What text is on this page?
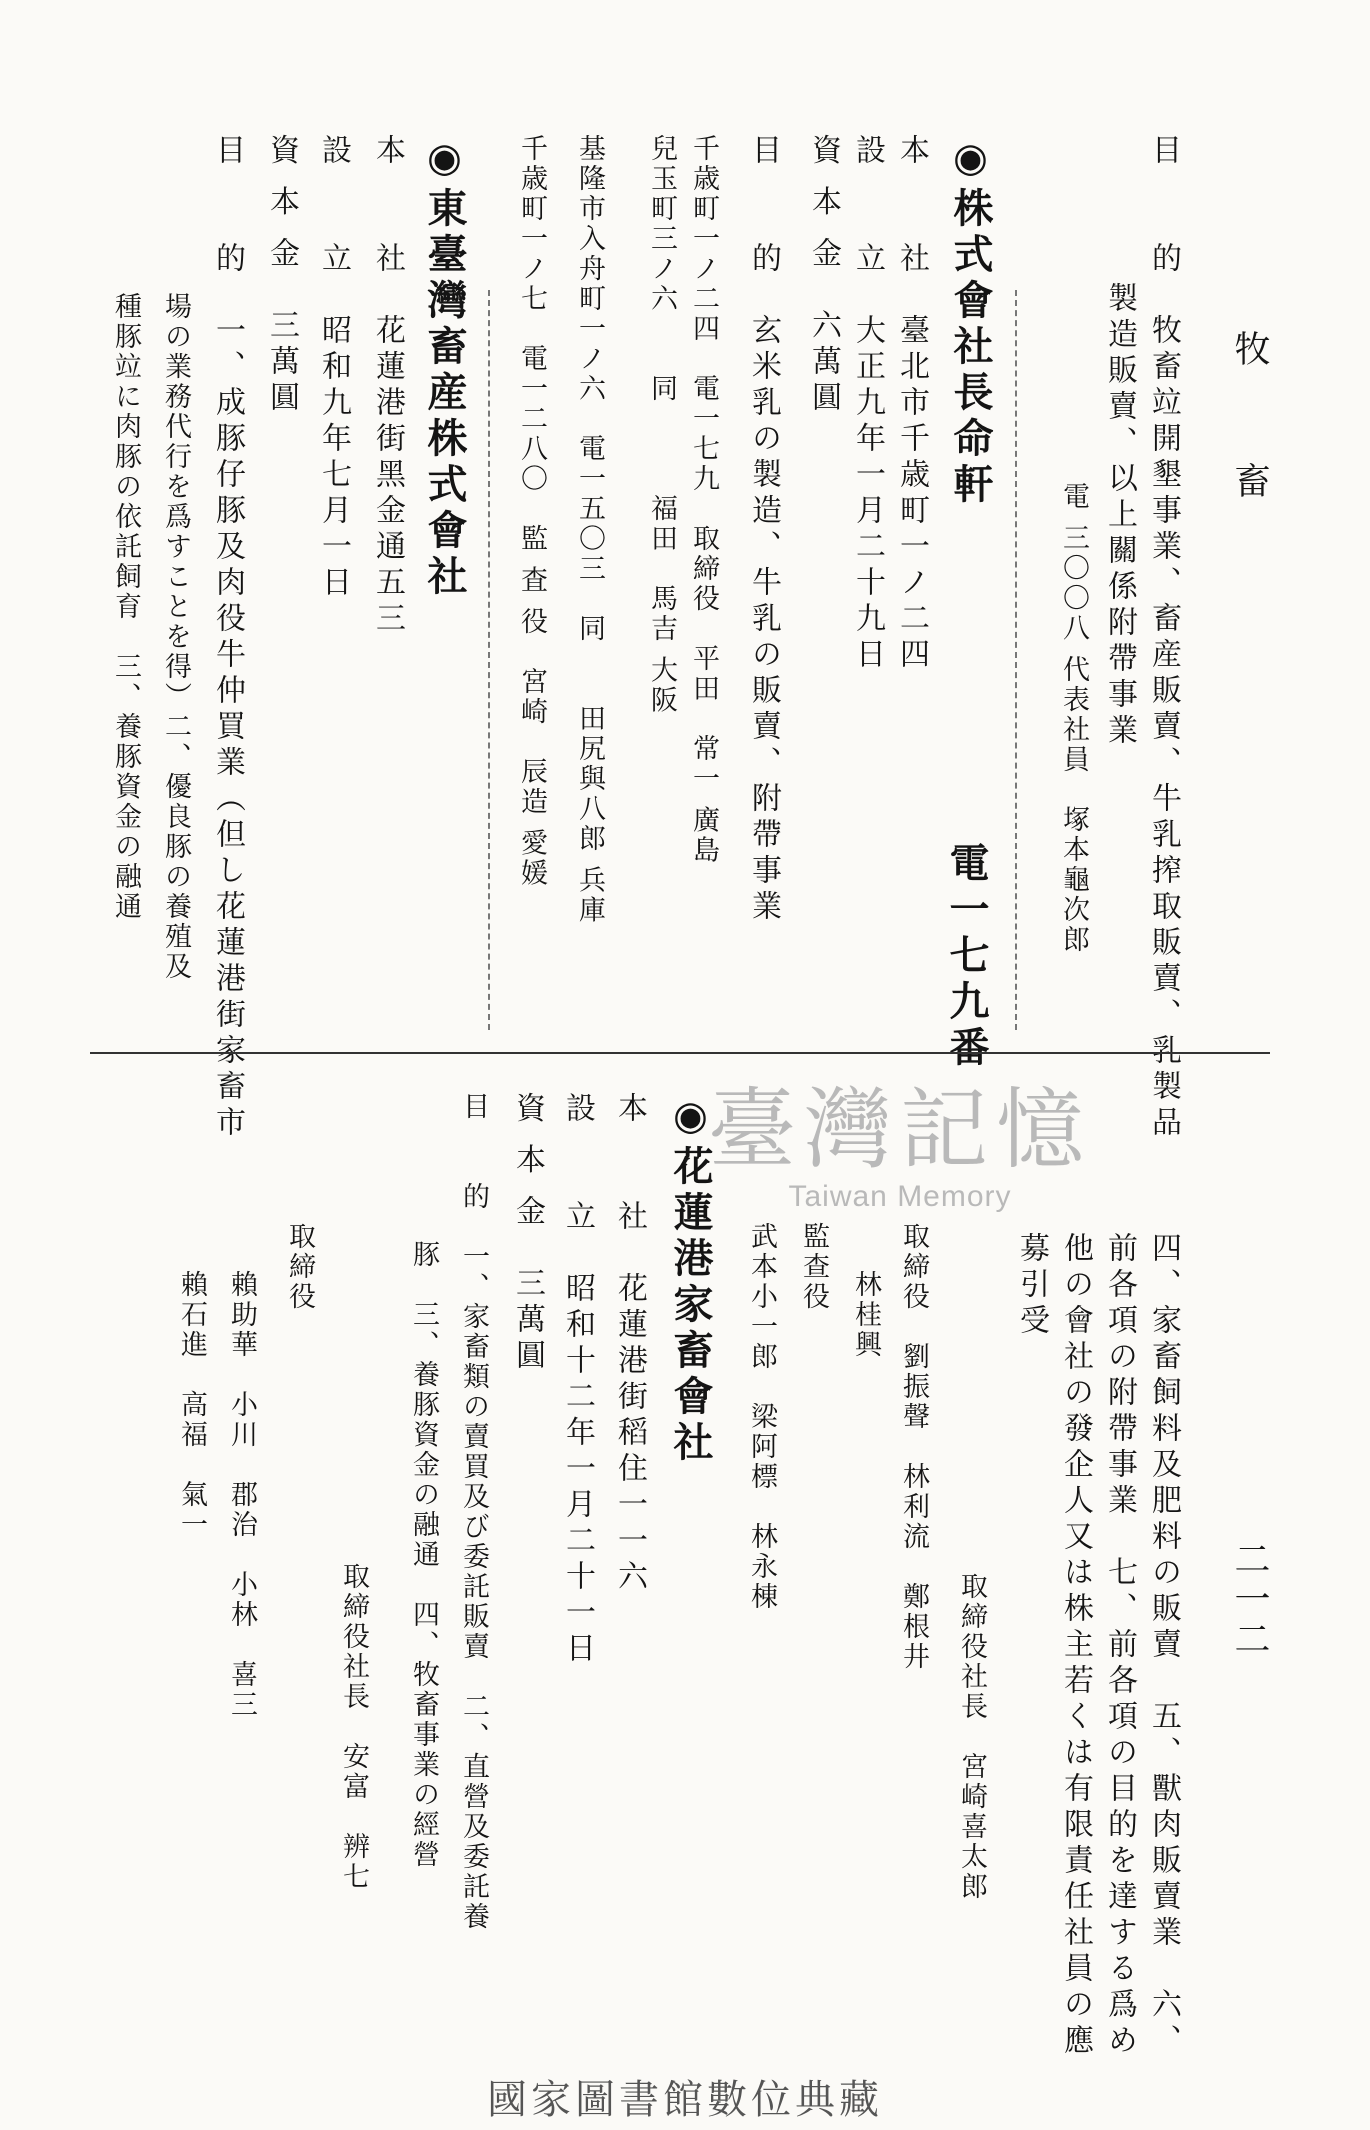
牧　畜
二一二
目　　的　牧畜竝開墾事業、畜産販賣、牛乳搾取販賣、乳製品
製造販賣、以上關係附帶事業
電 三〇〇八 代表社員　塚本龜次郎
◉株式會社長命軒
電一七九番
本　　社　臺北市千歳町一ノ二四
設　　立　大正九年一月二十九日
資 本 金　六萬圓
目　　的　玄米乳の製造、牛乳の販賣、附帶事業
千歳町一ノ二四　電一七九　取締役　平田　常一 廣島
兒玉町三ノ六　　同　　　福田　馬吉 大阪
基隆市入舟町一ノ六　電一五〇三　同　　田尻與八郎 兵庫
千歳町一ノ七　電一二八〇　監 査 役　宮崎　辰造 愛媛
◉東臺灣畜産株式會社
本　　社　花蓮港街黑金通五三
設　　立　昭和九年七月一日
資 本 金　三萬圓
目　　的　一、成豚仔豚及肉役牛仲買業（但し花蓮港街家畜市
場の業務代行を爲すことを得）二、優良豚の養殖及
種豚竝に肉豚の依託飼育　三、養豚資金の融通
四、家畜飼料及肥料の販賣　五、獸肉販賣業　六、
前各項の附帶事業　七、前各項の目的を達する爲め
他の會社の發企人又は株主若くは有限責任社員の應
募引受
取締役社長　宮崎喜太郎
取締役　劉振聲　林利流　鄭根井
林桂興
監查役
武本小一郎　梁阿標　林永棟
◉花蓮港家畜會社
本　　社　花蓮港街稻住一一六
設　　立　昭和十二年一月二十一日
資 本 金　三萬圓
目　　的　一、家畜類の賣買及び委託販賣　二、直營及委託養
豚　三、養豚資金の融通　四、牧畜事業の經營
取締役社長　安富　辨七
取締役
賴助華　小川　郡治　小林　喜三
賴石進　高福　氣一
臺灣記憶
Taiwan Memory
國家圖書館數位典藏
